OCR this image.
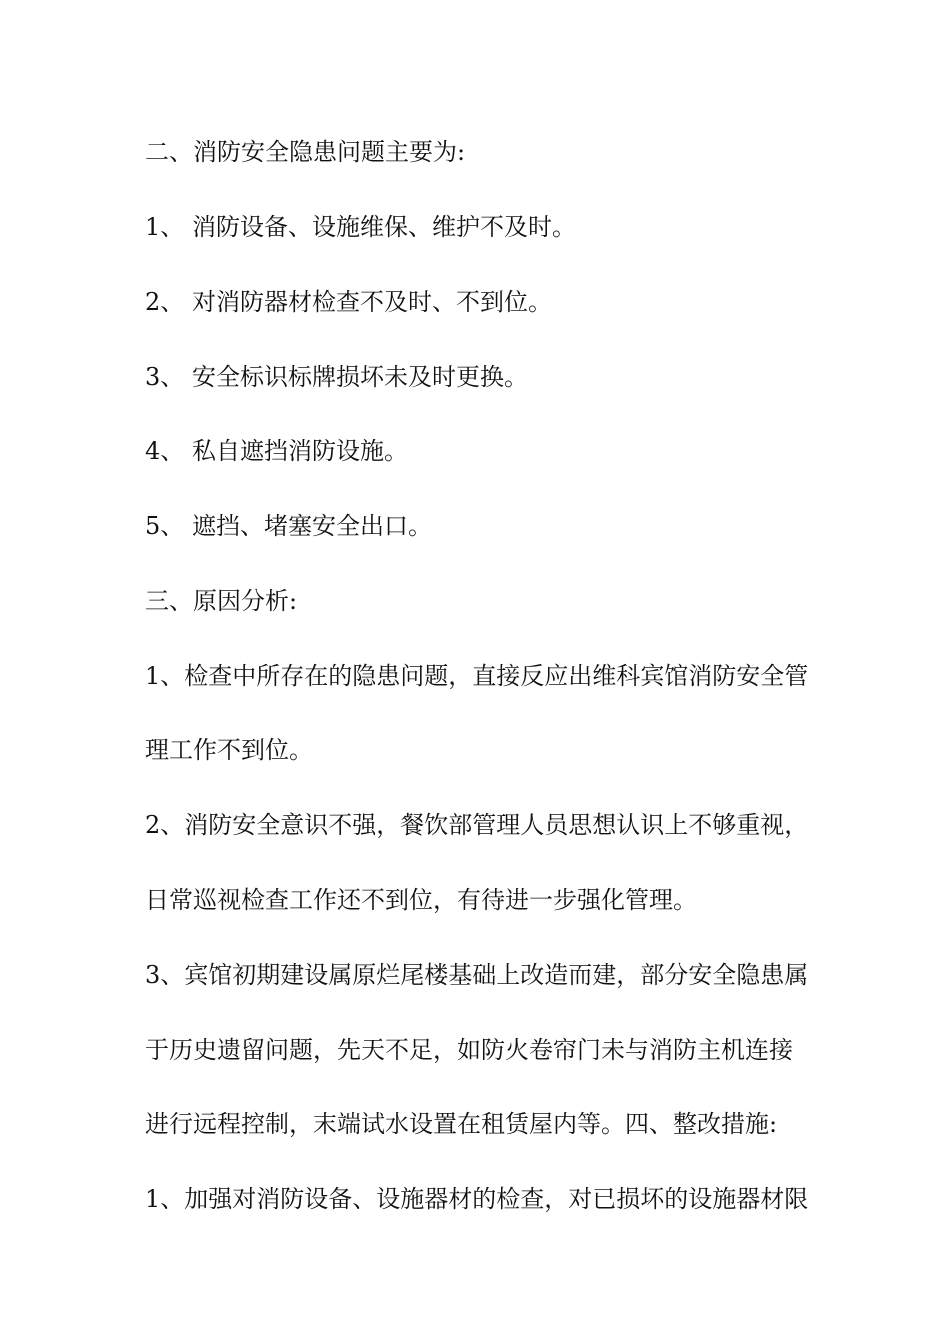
二、消防安全隐患问题主要为:
1、 消防设备、设施维保、维护不及时。
2、 对消防器材检查不及时、不到位。
3、 安全标识标牌损坏未及时更换。
4、 私自遮挡消防设施。
5、 遮挡、堵塞安全出口。
三、原因分析:
1、检查中所存在的隐患问题，直接反应出维科宾馆消防安全管
理工作不到位。
2、消防安全意识不强，餐饮部管理人员思想认识上不够重视，
日常巡视检查工作还不到位，有待进一步强化管理。
3、宾馆初期建设属原烂尾楼基础上改造而建，部分安全隐患属
于历史遗留问题，先天不足，如防火卷帘门未与消防主机连接
进行远程控制，末端试水设置在租赁屋内等。四、整改措施:
1、加强对消防设备、设施器材的检查，对已损坏的设施器材限
